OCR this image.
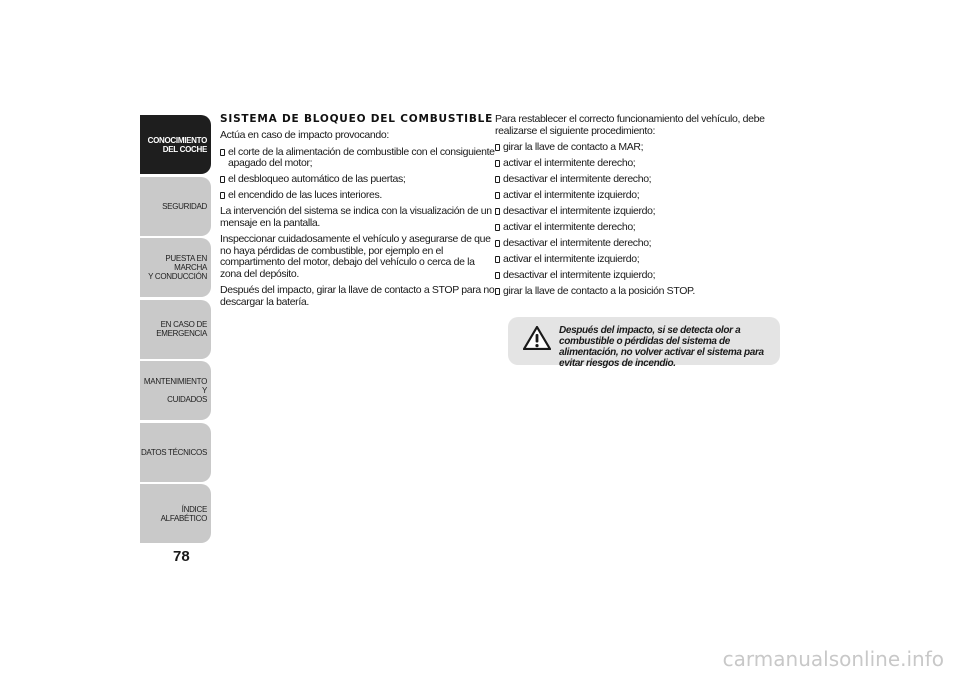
CONOCIMIENTO
DEL COCHE
SEGURIDAD
PUESTA EN MARCHA
Y CONDUCCIÓN
EN CASO DE
EMERGENCIA
MANTENIMIENTO Y
CUIDADOS
DATOS TÉCNICOS
ÍNDICE ALFABÉTICO
78
SISTEMA DE BLOQUEO DEL COMBUSTIBLE

Actúa en caso de impacto provocando:

el corte de la alimentación de combustible con el consiguiente apagado del motor;
el desbloqueo automático de las puertas;
el encendido de las luces interiores.

La intervención del sistema se indica con la visualización de un mensaje en la pantalla.

Inspeccionar cuidadosamente el vehículo y asegurarse de que no haya pérdidas de combustible, por ejemplo en el compartimento del motor, debajo del vehículo o cerca de la zona del depósito.

Después del impacto, girar la llave de contacto a STOP para no descargar la batería.

Para restablecer el correcto funcionamiento del vehículo, debe realizarse el siguiente procedimiento:

girar la llave de contacto a MAR;
activar el intermitente derecho;
desactivar el intermitente derecho;
activar el intermitente izquierdo;
desactivar el intermitente izquierdo;
activar el intermitente derecho;
desactivar el intermitente derecho;
activar el intermitente izquierdo;
desactivar el intermitente izquierdo;
girar la llave de contacto a la posición STOP.
Después del impacto, si se detecta olor a combustible o pérdidas del sistema de alimentación, no volver activar el sistema para evitar riesgos de incendio.
carmanualsonline.info
